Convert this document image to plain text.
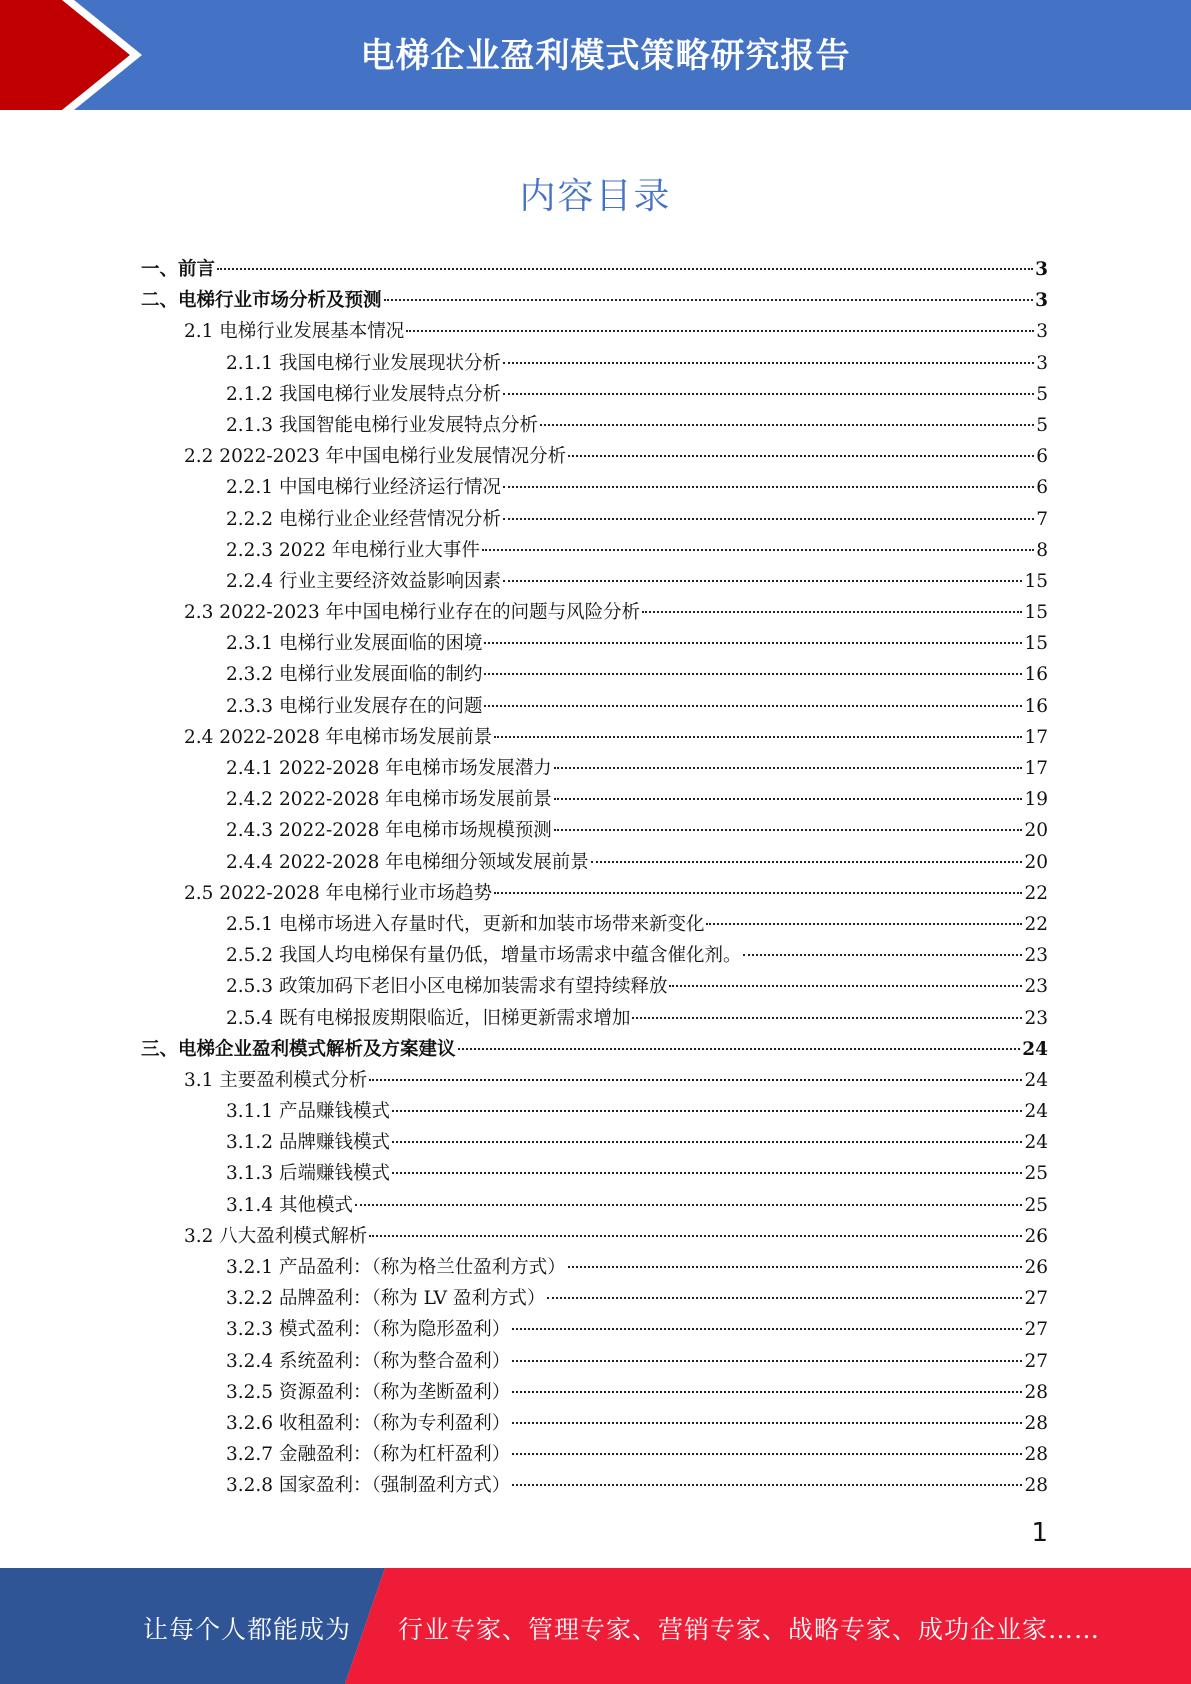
电梯企业盈利模式策略研究报告
内容目录
一、前言	3
二、电梯行业市场分析及预测	3
2.1 电梯行业发展基本情况	3
2.1.1 我国电梯行业发展现状分析	3
2.1.2 我国电梯行业发展特点分析	5
2.1.3 我国智能电梯行业发展特点分析	5
2.2 2022-2023 年中国电梯行业发展情况分析	6
2.2.1 中国电梯行业经济运行情况	6
2.2.2 电梯行业企业经营情况分析	7
2.2.3 2022 年电梯行业大事件	8
2.2.4 行业主要经济效益影响因素	15
2.3 2022-2023 年中国电梯行业存在的问题与风险分析	15
2.3.1 电梯行业发展面临的困境	15
2.3.2 电梯行业发展面临的制约	16
2.3.3 电梯行业发展存在的问题	16
2.4 2022-2028 年电梯市场发展前景	17
2.4.1 2022-2028 年电梯市场发展潜力	17
2.4.2 2022-2028 年电梯市场发展前景	19
2.4.3 2022-2028 年电梯市场规模预测	20
2.4.4 2022-2028 年电梯细分领域发展前景	20
2.5 2022-2028 年电梯行业市场趋势	22
2.5.1 电梯市场进入存量时代，更新和加装市场带来新变化	22
2.5.2 我国人均电梯保有量仍低，增量市场需求中蕴含催化剂。	23
2.5.3 政策加码下老旧小区电梯加装需求有望持续释放	23
2.5.4 既有电梯报废期限临近，旧梯更新需求增加	23
三、电梯企业盈利模式解析及方案建议	24
3.1 主要盈利模式分析	24
3.1.1 产品赚钱模式	24
3.1.2 品牌赚钱模式	24
3.1.3 后端赚钱模式	25
3.1.4 其他模式	25
3.2 八大盈利模式解析	26
3.2.1 产品盈利：（称为格兰仕盈利方式）	26
3.2.2 品牌盈利：（称为 LV 盈利方式）	27
3.2.3 模式盈利：（称为隐形盈利）	27
3.2.4 系统盈利：（称为整合盈利）	27
3.2.5 资源盈利：（称为垄断盈利）	28
3.2.6 收租盈利：（称为专利盈利）	28
3.2.7 金融盈利：（称为杠杆盈利）	28
3.2.8 国家盈利：（强制盈利方式）	28
1
让每个人都能成为 行业专家、管理专家、营销专家、战略专家、成功企业家……
